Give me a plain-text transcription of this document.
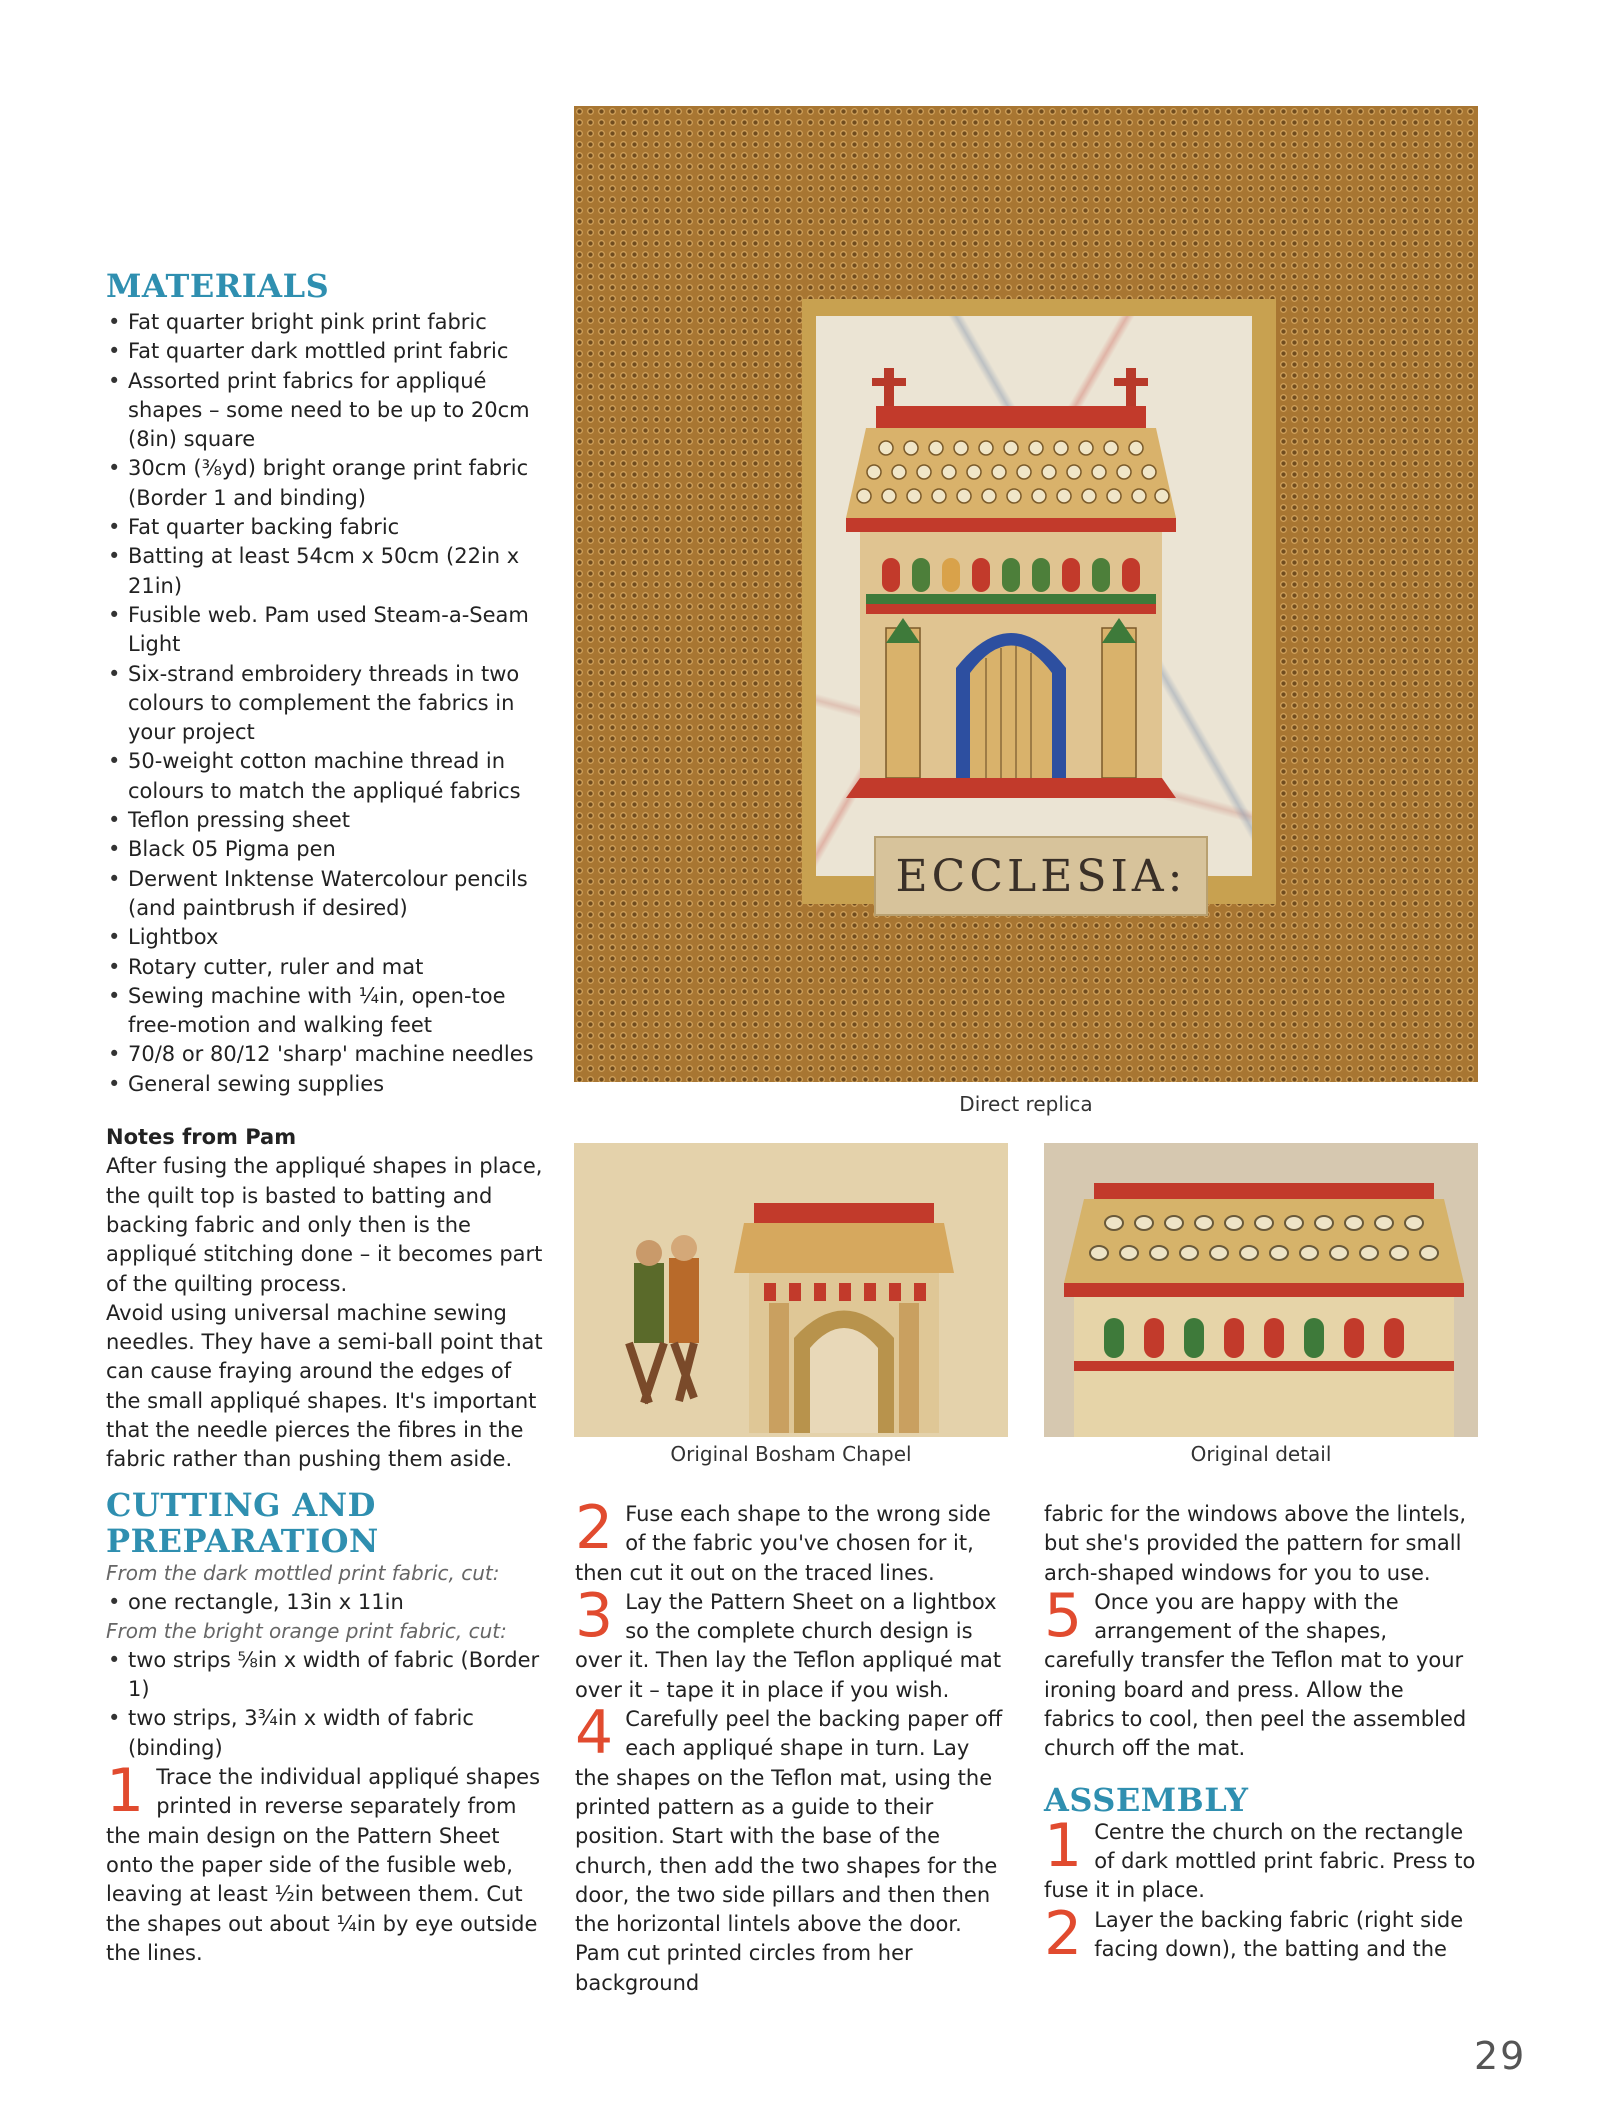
MATERIALS
• Fat quarter bright pink print fabric
• Fat quarter dark mottled print fabric
• Assorted print fabrics for appliqué shapes – some need to be up to 20cm (8in) square
• 30cm (⅜yd) bright orange print fabric (Border 1 and binding)
• Fat quarter backing fabric
• Batting at least 54cm x 50cm (22in x 21in)
• Fusible web. Pam used Steam-a-Seam Light
• Six-strand embroidery threads in two colours to complement the fabrics in your project
• 50-weight cotton machine thread in colours to match the appliqué fabrics
• Teflon pressing sheet
• Black 05 Pigma pen
• Derwent Inktense Watercolour pencils (and paintbrush if desired)
• Lightbox
• Rotary cutter, ruler and mat
• Sewing machine with ¼in, open-toe free-motion and walking feet
• 70/8 or 80/12 'sharp' machine needles
• General sewing supplies
Notes from Pam

After fusing the appliqué shapes in place, the quilt top is basted to batting and backing fabric and only then is the appliqué stitching done – it becomes part of the quilting process.

Avoid using universal machine sewing needles. They have a semi-ball point that can cause fraying around the edges of the small appliqué shapes. It's important that the needle pierces the fibres in the fabric rather than pushing them aside.

CUTTING AND
PREPARATION
From the dark mottled print fabric, cut:
• one rectangle, 13in x 11in
From the bright orange print fabric, cut:
• two strips ⅝in x width of fabric (Border 1)
• two strips, 3¾in x width of fabric (binding)
1 Trace the individual appliqué shapes printed in reverse separately from the main design on the Pattern Sheet onto the paper side of the fusible web, leaving at least ½in between them. Cut the shapes out about ¼in by eye outside the lines.
ECCLESIA:
Direct replica
Original Bosham Chapel	Original detail
2 Fuse each shape to the wrong side of the fabric you've chosen for it, then cut it out on the traced lines.
3 Lay the Pattern Sheet on a lightbox so the complete church design is over it. Then lay the Teflon appliqué mat over it – tape it in place if you wish.
4 Carefully peel the backing paper off each appliqué shape in turn. Lay the shapes on the Teflon mat, using the printed pattern as a guide to their position. Start with the base of the church, then add the two shapes for the door, the two side pillars and then then the horizontal lintels above the door. Pam cut printed circles from her background

fabric for the windows above the lintels, but she's provided the pattern for small arch-shaped windows for you to use.

5 Once you are happy with the arrangement of the shapes, carefully transfer the Teflon mat to your ironing board and press. Allow the fabrics to cool, then peel the assembled church off the mat.
ASSEMBLY
1 Centre the church on the rectangle of dark mottled print fabric. Press to fuse it in place.
2 Layer the backing fabric (right side facing down), the batting and the
29
